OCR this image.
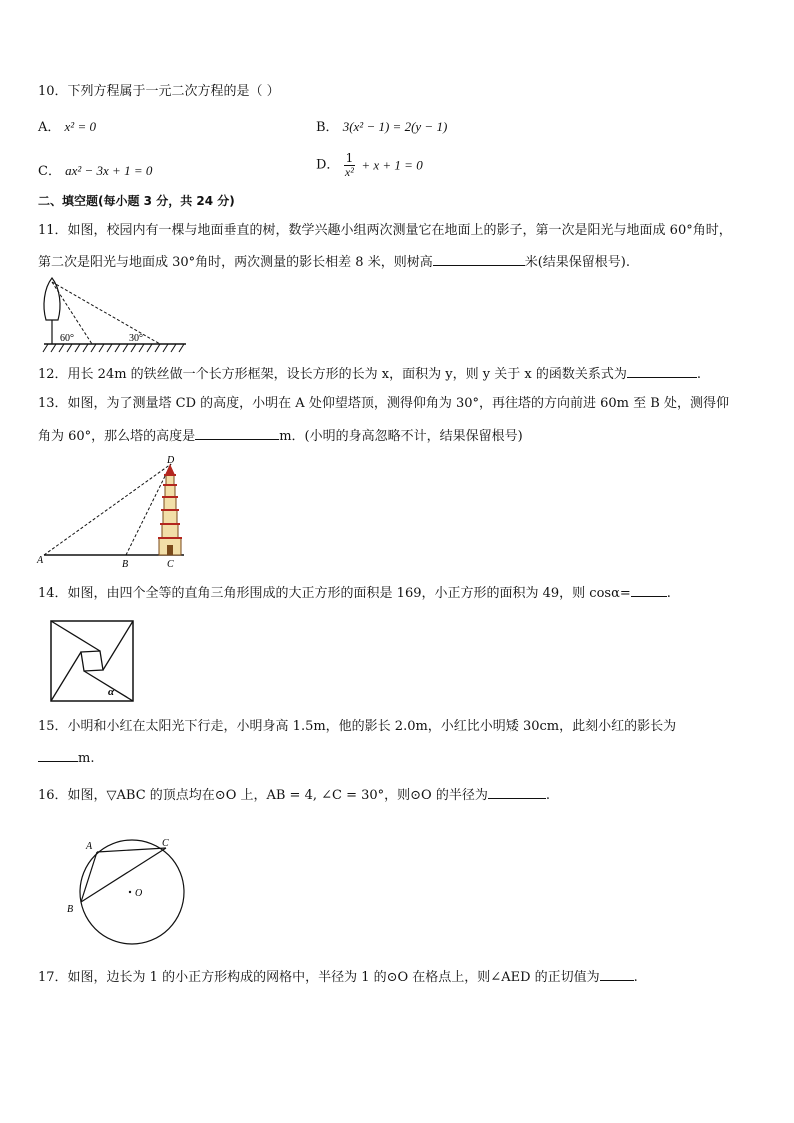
10．下列方程属于一元二次方程的是（ ）
A． x² = 0	B． 3(x² − 1) = 2(y − 1)
C． ax² − 3x + 1 = 0	D． $\frac{1}{\text{x²}} + x + 1 = 0$
二、填空题(每小题 3 分，共 24 分)
11．如图，校园内有一棵与地面垂直的树，数学兴趣小组两次测量它在地面上的影子，第一次是阳光与地面成 60°角时，
第二次是阳光与地面成 30°角时，两次测量的影长相差 8 米，则树高	米(结果保留根号).
60°	30°
12．用长 24m 的铁丝做一个长方形框架，设长方形的长为 x，面积为 y，则 y 关于 x 的函数关系式为	.
13．如图，为了测量塔 CD 的高度，小明在 A 处仰望塔顶，测得仰角为 30°，再往塔的方向前进 60m 至 B 处，测得仰
角为 60°，那么塔的高度是	m．(小明的身高忽略不计，结果保留根号)
D
A	B	C
14．如图，由四个全等的直角三角形围成的大正方形的面积是 169，小正方形的面积为 49，则 cosα=	.
α
15．小明和小红在太阳光下行走，小明身高 1.5m，他的影长 2.0m，小红比小明矮 30cm，此刻小红的影长为
m.
16．如图，▽ABC 的顶点均在⊙O 上，AB = 4, ∠C = 30°，则⊙O 的半径为	.
A
B
C
O
17．如图，边长为 1 的小正方形构成的网格中，半径为 1 的⊙O 在格点上，则∠AED 的正切值为	.
